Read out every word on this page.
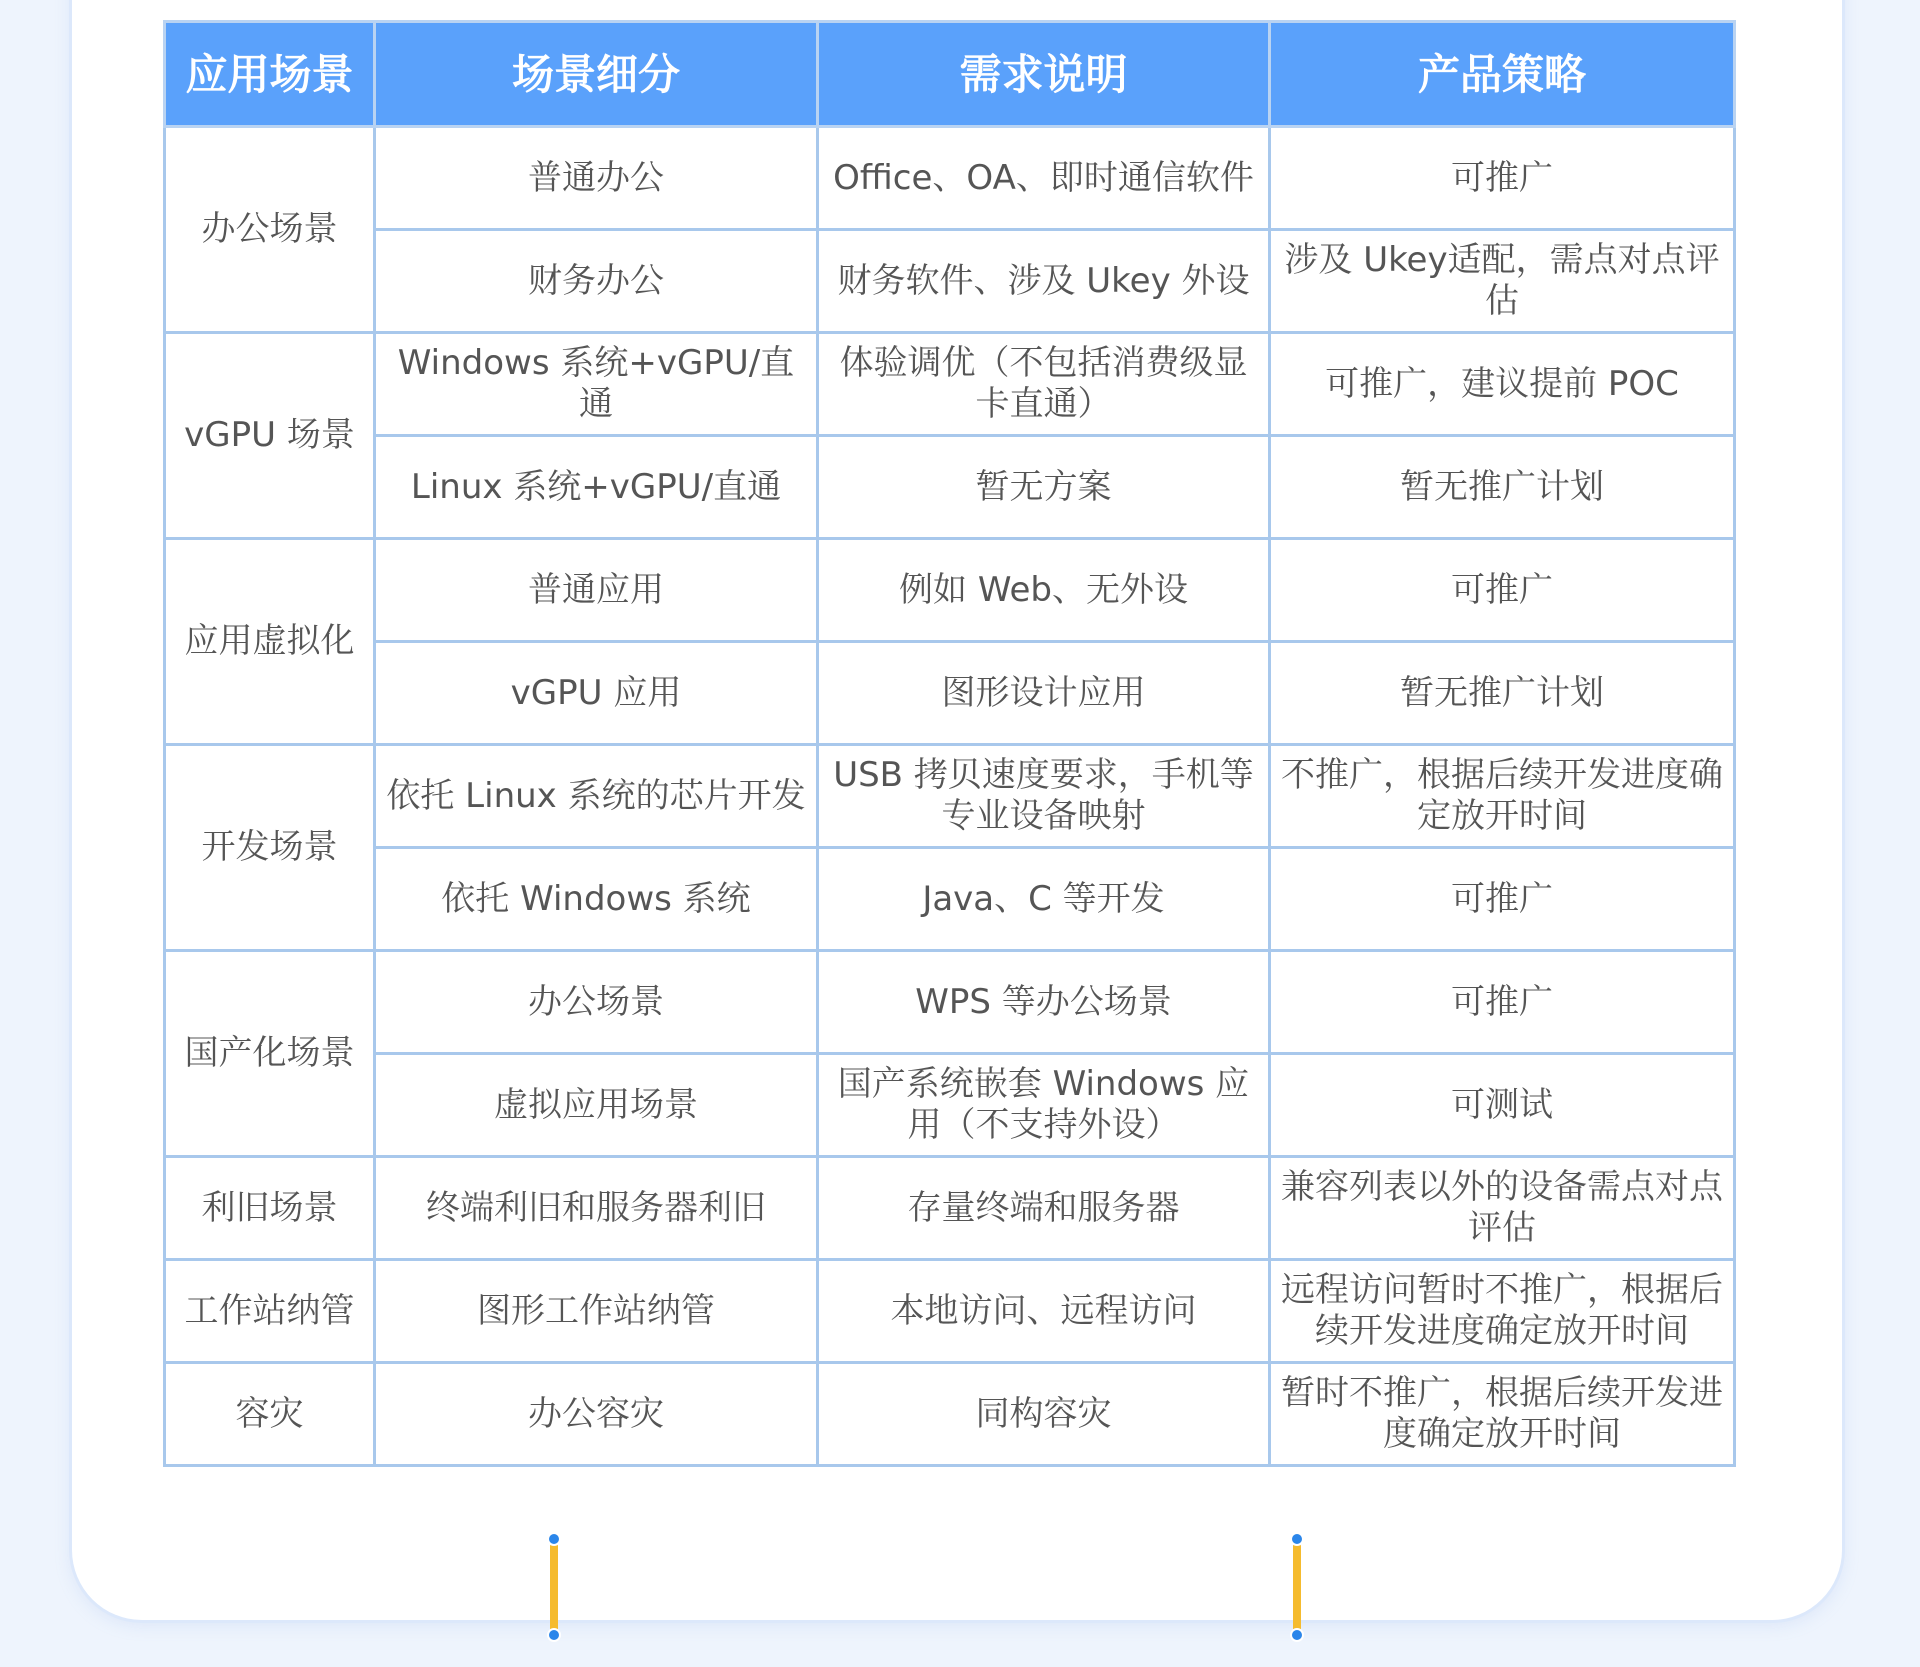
应用场景	场景细分	需求说明	产品策略
办公场景	普通办公	Office、OA、即时通信软件	可推广
	财务办公	财务软件、涉及 Ukey 外设	涉及 Ukey适配，需点对点评估
vGPU 场景	Windows 系统+vGPU/直通	体验调优（不包括消费级显卡直通）	可推广，建议提前 POC
	Linux 系统+vGPU/直通	暂无方案	暂无推广计划
应用虚拟化	普通应用	例如 Web、无外设	可推广
	vGPU 应用	图形设计应用	暂无推广计划
开发场景	依托 Linux 系统的芯片开发	USB 拷贝速度要求，手机等专业设备映射	不推广，根据后续开发进度确定放开时间
	依托 Windows 系统	Java、C 等开发	可推广
国产化场景	办公场景	WPS 等办公场景	可推广
	虚拟应用场景	国产系统嵌套 Windows 应用（不支持外设）	可测试
利旧场景	终端利旧和服务器利旧	存量终端和服务器	兼容列表以外的设备需点对点评估
工作站纳管	图形工作站纳管	本地访问、远程访问	远程访问暂时不推广，根据后续开发进度确定放开时间
容灾	办公容灾	同构容灾	暂时不推广，根据后续开发进度确定放开时间
